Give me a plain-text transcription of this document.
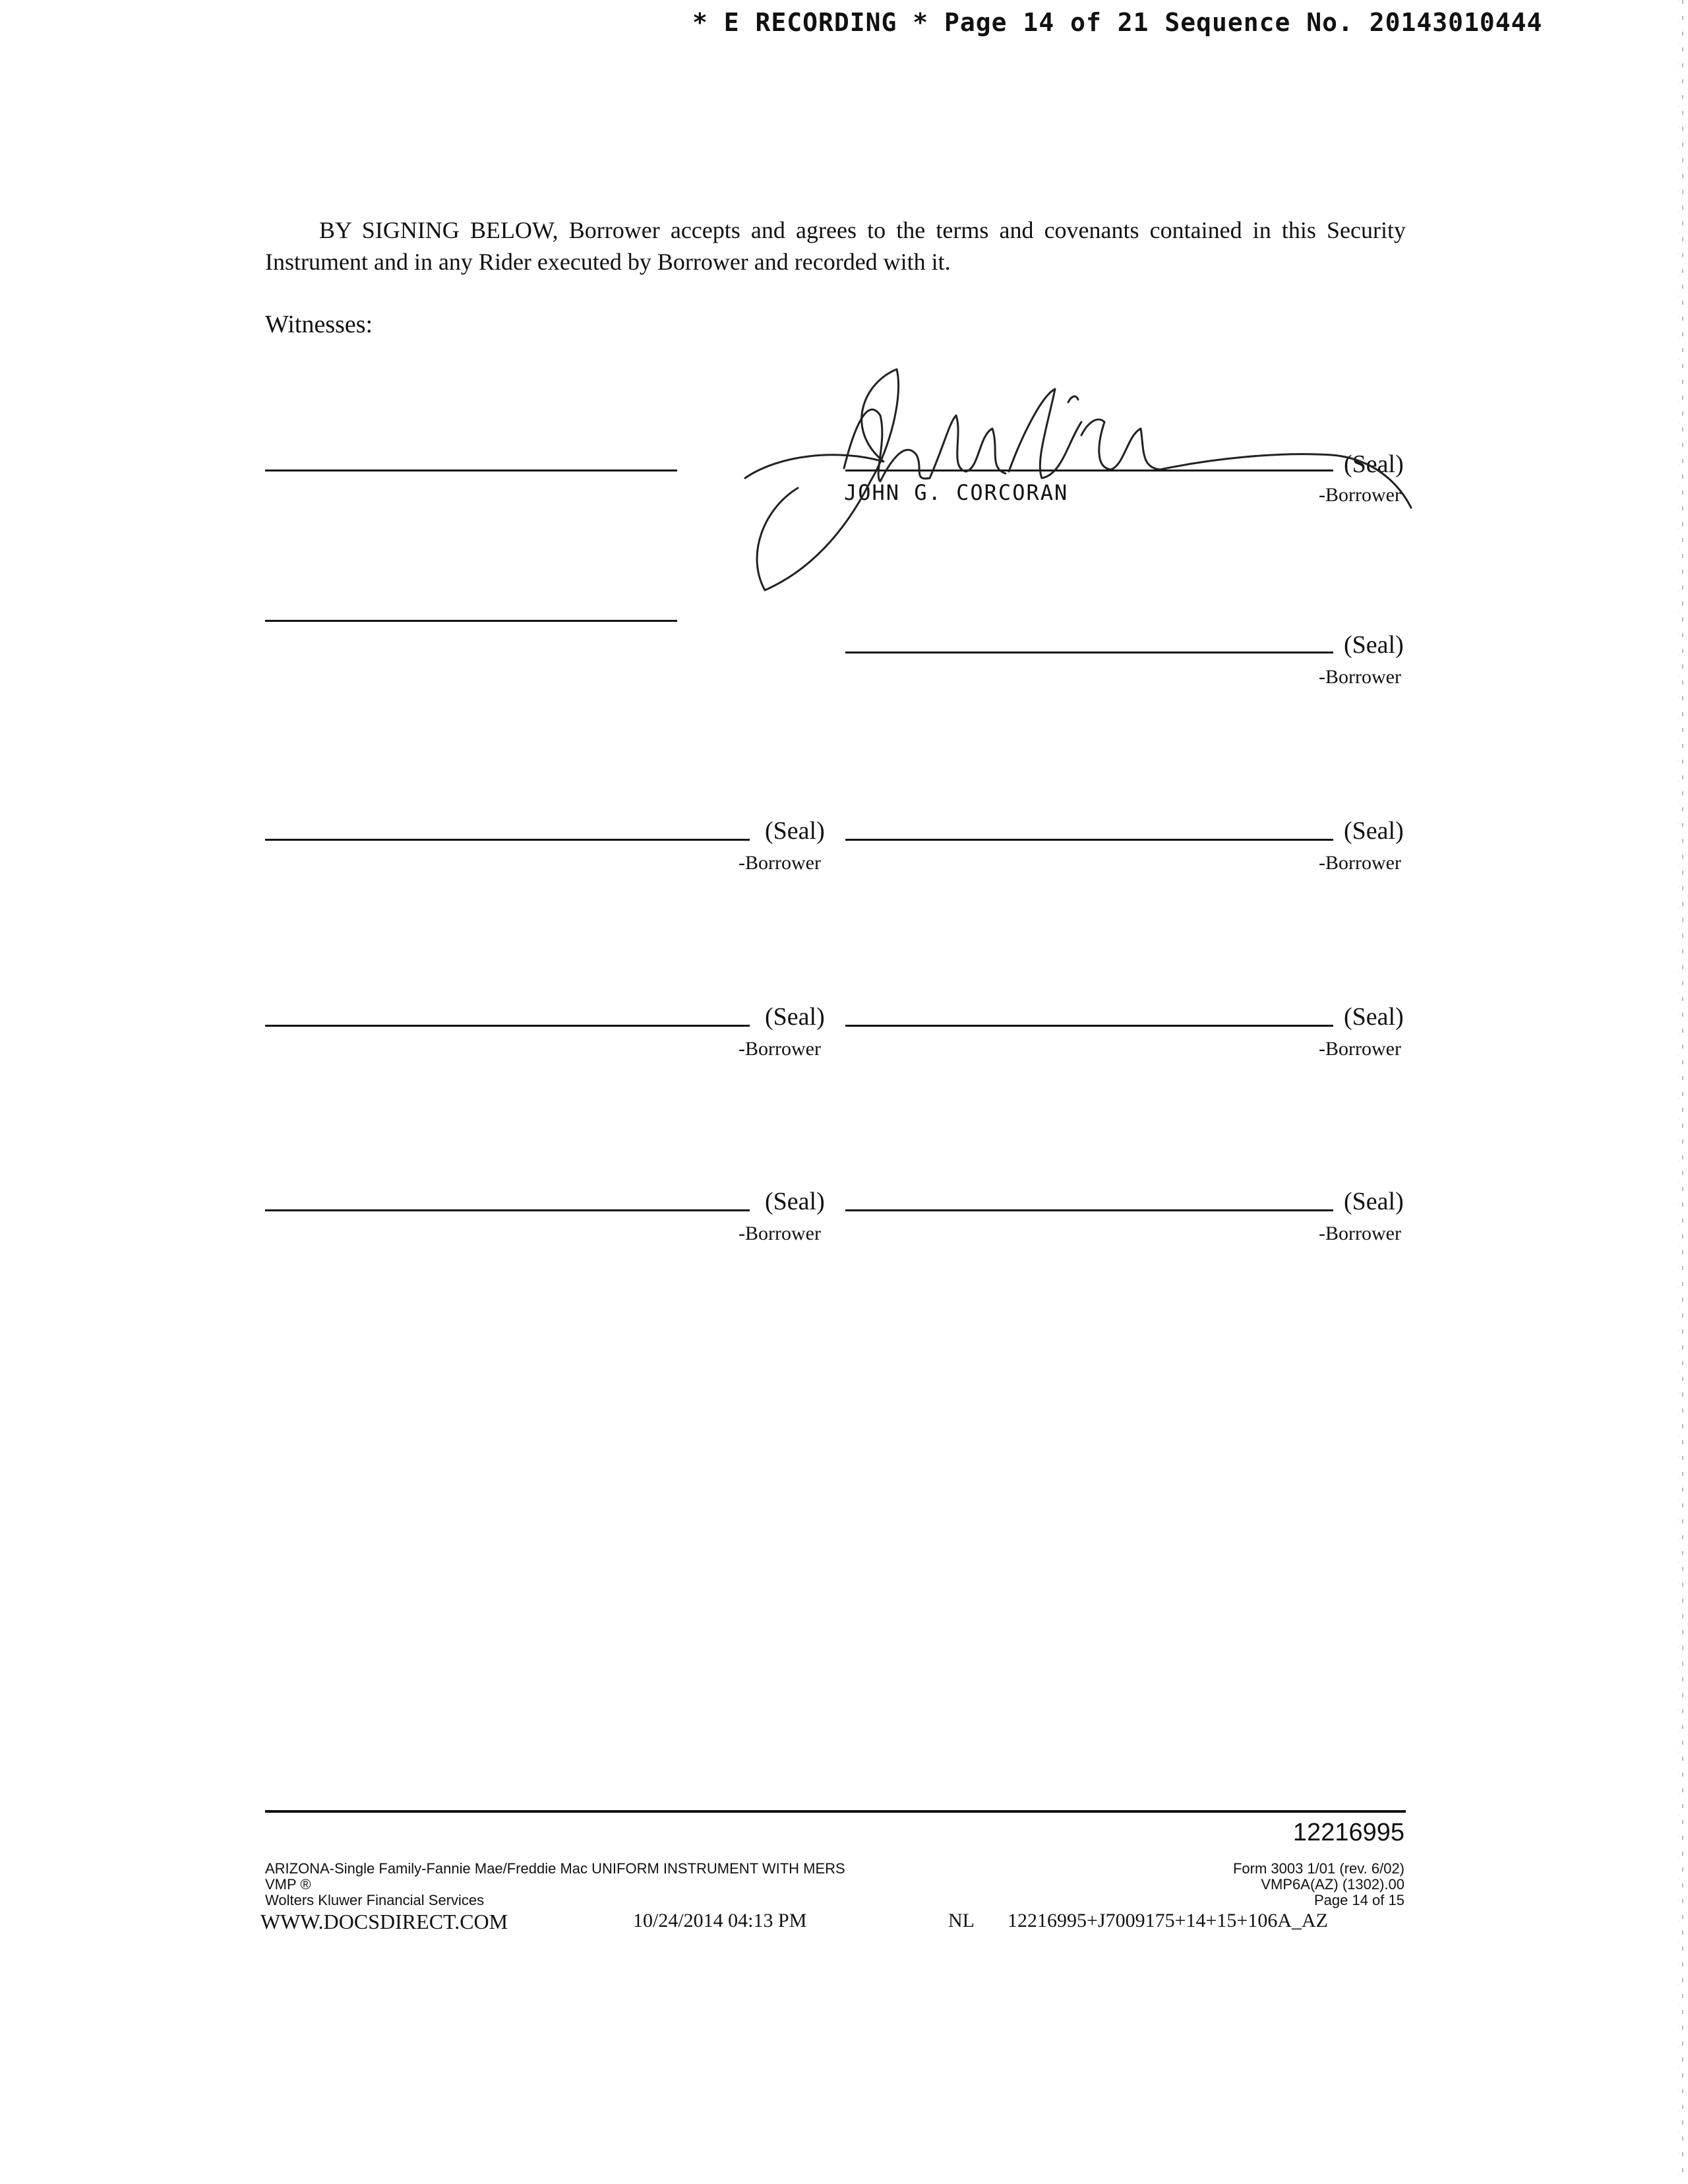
* E RECORDING * Page 14 of 21 Sequence No. 20143010444
BY SIGNING BELOW, Borrower accepts and agrees to the terms and covenants contained in this Security Instrument and in any Rider executed by Borrower and recorded with it.
Witnesses:
(Seal)
-Borrower
JOHN G. CORCORAN
(Seal)
-Borrower
(Seal)
-Borrower
(Seal)
-Borrower
(Seal)
-Borrower
(Seal)
-Borrower
(Seal)
-Borrower
(Seal)
-Borrower
12216995
ARIZONA-Single Family-Fannie Mae/Freddie Mac UNIFORM INSTRUMENT WITH MERS
VMP ®
Wolters Kluwer Financial Services
Form 3003 1/01 (rev. 6/02)
VMP6A(AZ) (1302).00
Page 14 of 15
WWW.DOCSDIRECT.COM	10/24/2014 04:13 PM	NL 12216995+J7009175+14+15+106A_AZ
